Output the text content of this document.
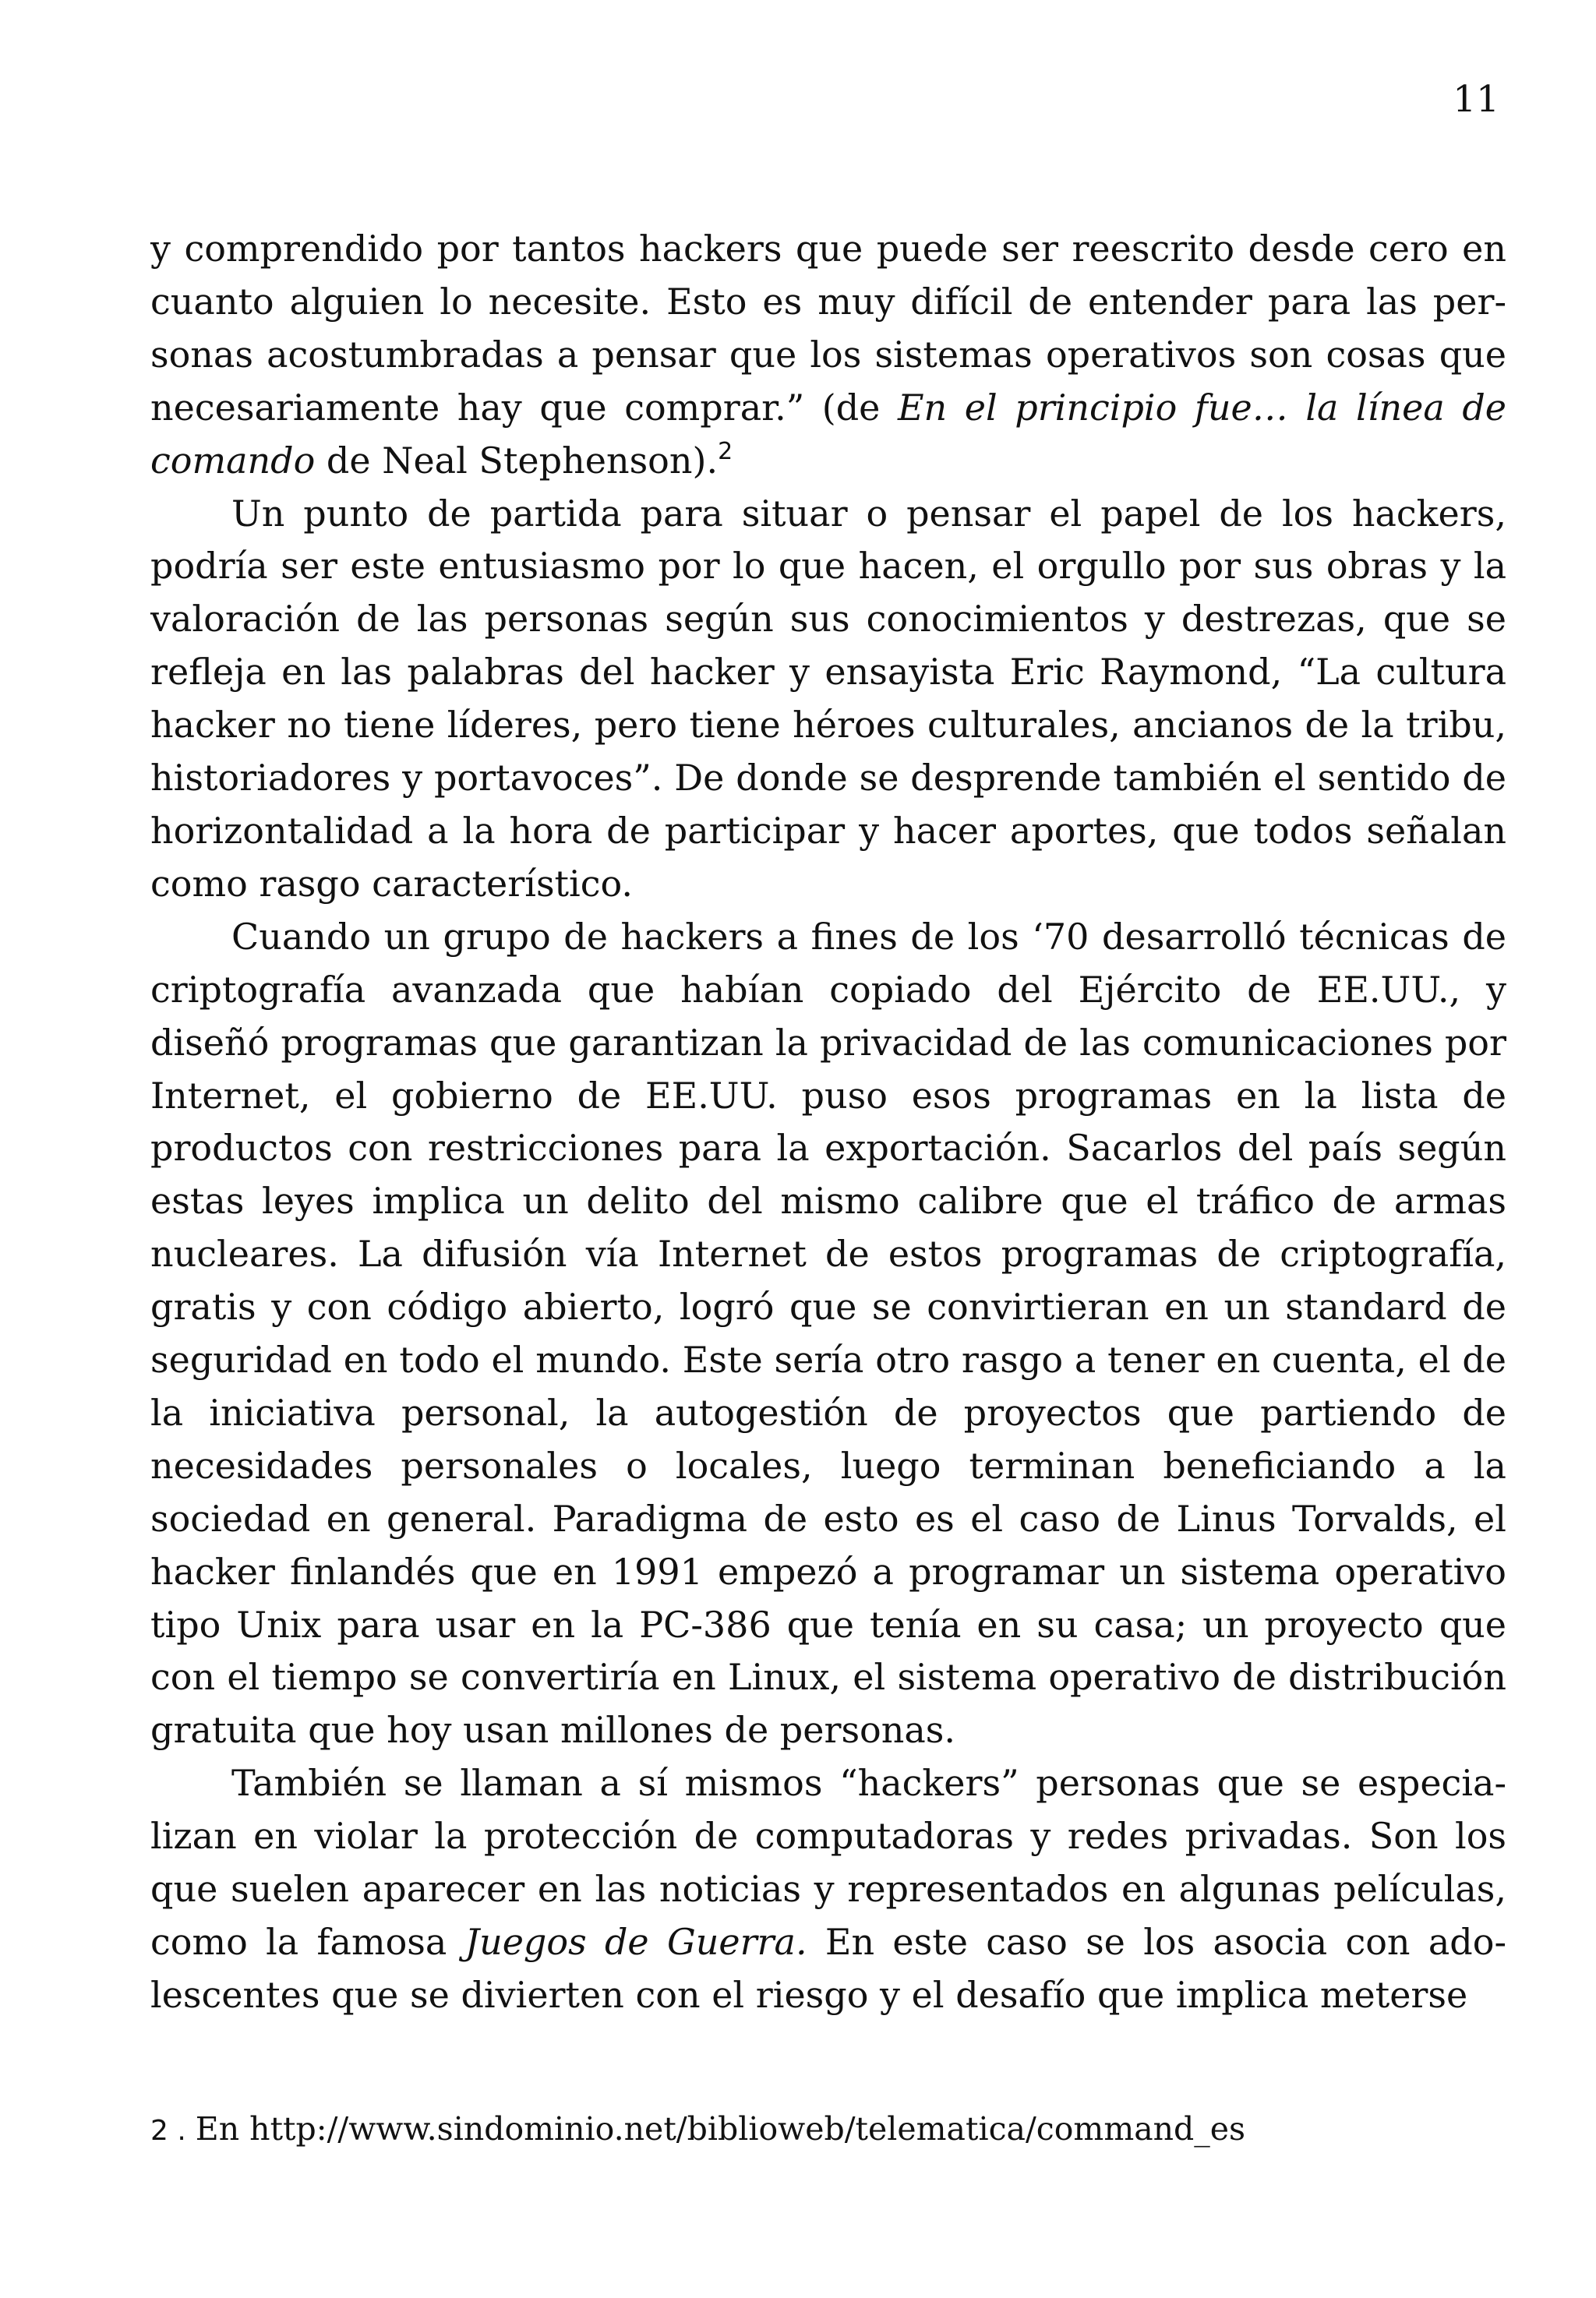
11

y comprendido por tantos hackers que puede ser reescrito desde cero en cuanto alguien lo necesite. Esto es muy difícil de entender para las personas acostumbradas a pensar que los sistemas operativos son cosas que necesariamente hay que comprar.” (de En el principio fue… la línea de comando de Neal Stephenson).$^2$

Un punto de partida para situar o pensar el papel de los hackers, podría ser este entusiasmo por lo que hacen, el orgullo por sus obras y la valoración de las personas según sus conocimientos y destrezas, que se refleja en las palabras del hacker y ensayista Eric Raymond, “La cultura hacker no tiene líderes, pero tiene héroes culturales, ancianos de la tribu, historiadores y portavoces”. De donde se desprende también el sentido de horizontalidad a la hora de participar y hacer aportes, que todos señalan como rasgo característico.

Cuando un grupo de hackers a fines de los ‘70 desarrolló técnicas de criptografía avanzada que habían copiado del Ejército de EE.UU., y diseñó programas que garantizan la privacidad de las comunicaciones por Internet, el gobierno de EE.UU. puso esos programas en la lista de productos con restricciones para la exportación. Sacarlos del país según estas leyes implica un delito del mismo calibre que el tráfico de armas nucleares. La difusión vía Internet de estos programas de criptografía, gratis y con código abierto, logró que se convirtieran en un standard de seguridad en todo el mundo. Este sería otro rasgo a tener en cuenta, el de la iniciativa personal, la autogestión de proyectos que partiendo de necesidades personales o locales, luego terminan beneficiando a la sociedad en general. Paradigma de esto es el caso de Linus Torvalds, el hacker finlandés que en 1991 empezó a programar un sistema operativo tipo Unix para usar en la PC-386 que tenía en su casa; un proyecto que con el tiempo se convertiría en Linux, el sistema operativo de distribución gratuita que hoy usan millones de personas.

También se llaman a sí mismos “hackers” personas que se especializan en violar la protección de computadoras y redes privadas. Son los que suelen aparecer en las noticias y representados en algunas películas, como la famosa Juegos de Guerra. En este caso se los asocia con adolescentes que se divierten con el riesgo y el desafío que implica meterse

2 . En http://www.sindominio.net/biblioweb/telematica/command_es
